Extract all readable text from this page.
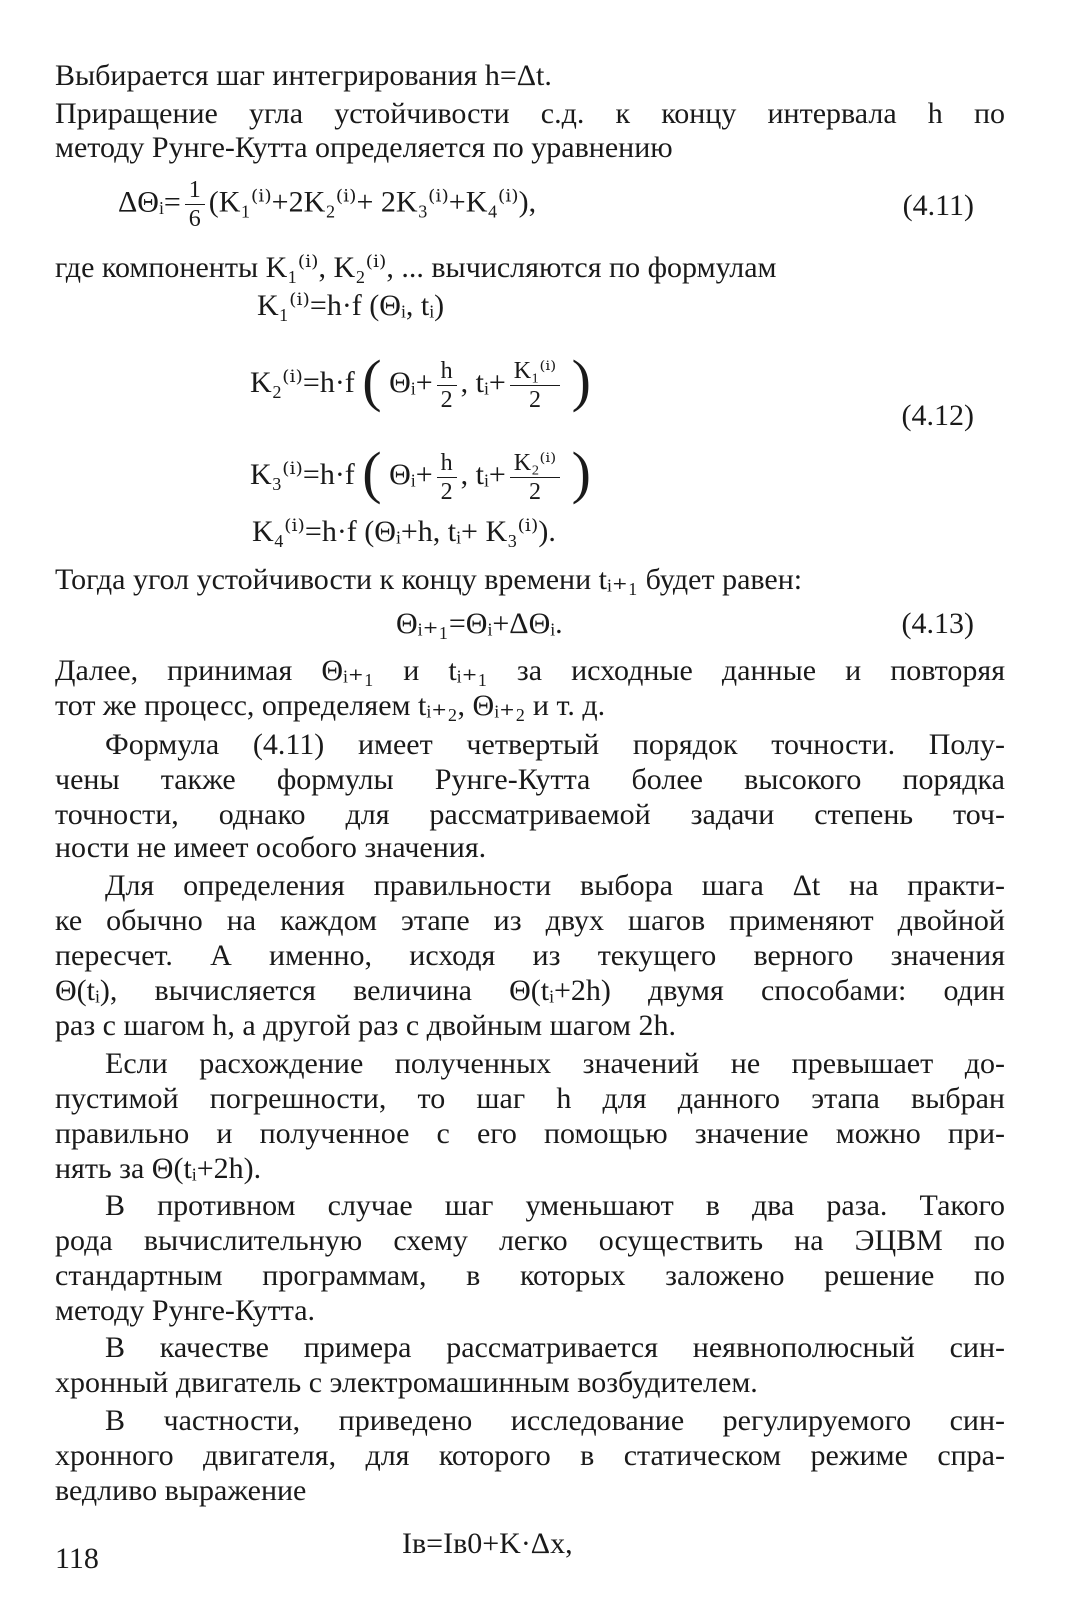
Выбирается шаг интегрирования h=Δt.
Приращение угла устойчивости с.д. к концу интервала h по
методу Рунге-Кутта определяется по уравнению
ΔΘᵢ= $\frac{1}{6} (K_1^{(i)}+2K_2^{(i)}+ 2K_3^{(i)}+K_4^{(i)})$,	(4.11)
где компоненты K₁⁽ⁱ⁾, K₂⁽ⁱ⁾, ... вычисляются по формулам
K₁⁽ⁱ⁾=h·f (Θᵢ, tᵢ)
K₂⁽ⁱ⁾=h·f ( Θᵢ+ $\frac{h}{2}$ , tᵢ+ $\frac{\text{K₁⁽ⁱ⁾}}{2}$ )
K₃⁽ⁱ⁾=h·f ( Θᵢ+ $\frac{h}{2}$ , tᵢ+ $\frac{\text{K₂⁽ⁱ⁾}}{2}$ )
(4.12)
K₄⁽ⁱ⁾=h·f (Θᵢ+h, tᵢ+ K₃⁽ⁱ⁾).
Тогда угол устойчивости к концу времени tᵢ₊₁ будет равен:
Θᵢ₊₁=Θᵢ+ΔΘᵢ.	(4.13)
Далее, принимая Θᵢ₊₁ и tᵢ₊₁ за исходные данные и повторяя
тот же процесс, определяем tᵢ₊₂, Θᵢ₊₂ и т. д.
Формула (4.11) имеет четвертый порядок точности. Полу-
чены также формулы Рунге-Кутта более высокого порядка
точности, однако для рассматриваемой задачи степень точ-
ности не имеет особого значения.
Для определения правильности выбора шага Δt на практи-
ке обычно на каждом этапе из двух шагов применяют двойной
пересчет. А именно, исходя из текущего верного значения
Θ(tᵢ), вычисляется величина Θ(tᵢ+2h) двумя способами: один
раз с шагом h, а другой раз с двойным шагом 2h.
Если расхождение полученных значений не превышает до-
пустимой погрешности, то шаг h для данного этапа выбран
правильно и полученное с его помощью значение можно при-
нять за Θ(tᵢ+2h).
В противном случае шаг уменьшают в два раза. Такого
рода вычислительную схему легко осуществить на ЭЦВМ по
стандартным программам, в которых заложено решение по
методу Рунге-Кутта.
В качестве примера рассматривается неявнополюсный син-
хронный двигатель с электромашинным возбудителем.
В частности, приведено исследование регулируемого син-
хронного двигателя, для которого в статическом режиме спра-
ведливо выражение
Iв=Iв0+K·Δx,
118
